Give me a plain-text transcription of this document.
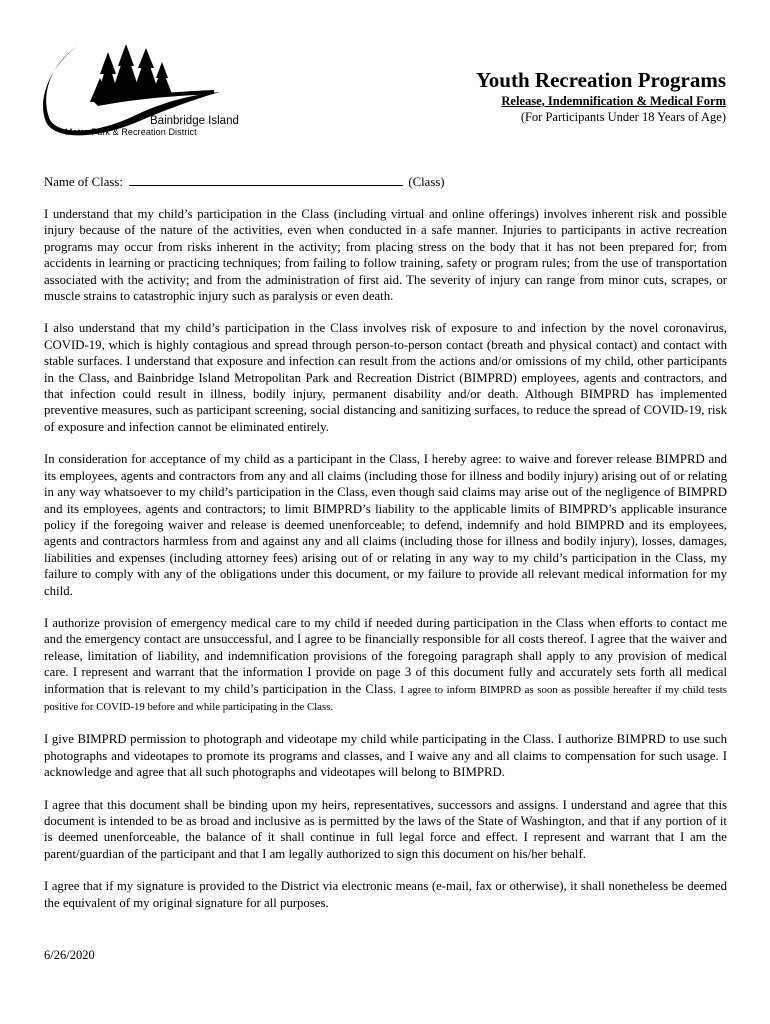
Bainbridge Island
Metro Park & Recreation District
Youth Recreation Programs
Release, Indemnification & Medical Form
(For Participants Under 18 Years of Age)
Name of Class:	(Class)

I understand that my child’s participation in the Class (including virtual and online offerings) involves inherent risk and possible injury because of the nature of the activities, even when conducted in a safe manner. Injuries to participants in active recreation programs may occur from risks inherent in the activity; from placing stress on the body that it has not been prepared for; from accidents in learning or practicing techniques; from failing to follow training, safety or program rules; from the use of transportation associated with the activity; and from the administration of first aid. The severity of injury can range from minor cuts, scrapes, or muscle strains to catastrophic injury such as paralysis or even death.

I also understand that my child’s participation in the Class involves risk of exposure to and infection by the novel coronavirus, COVID-19, which is highly contagious and spread through person-to-person contact (breath and physical contact) and contact with stable surfaces. I understand that exposure and infection can result from the actions and/or omissions of my child, other participants in the Class, and Bainbridge Island Metropolitan Park and Recreation District (BIMPRD) employees, agents and contractors, and that infection could result in illness, bodily injury, permanent disability and/or death. Although BIMPRD has implemented preventive measures, such as participant screening, social distancing and sanitizing surfaces, to reduce the spread of COVID-19, risk of exposure and infection cannot be eliminated entirely.

In consideration for acceptance of my child as a participant in the Class, I hereby agree: to waive and forever release BIMPRD and its employees, agents and contractors from any and all claims (including those for illness and bodily injury) arising out of or relating in any way whatsoever to my child’s participation in the Class, even though said claims may arise out of the negligence of BIMPRD and its employees, agents and contractors; to limit BIMPRD’s liability to the applicable limits of BIMPRD’s applicable insurance policy if the foregoing waiver and release is deemed unenforceable; to defend, indemnify and hold BIMPRD and its employees, agents and contractors harmless from and against any and all claims (including those for illness and bodily injury), losses, damages, liabilities and expenses (including attorney fees) arising out of or relating in any way to my child’s participation in the Class, my failure to comply with any of the obligations under this document, or my failure to provide all relevant medical information for my child.

I authorize provision of emergency medical care to my child if needed during participation in the Class when efforts to contact me and the emergency contact are unsuccessful, and I agree to be financially responsible for all costs thereof. I agree that the waiver and release, limitation of liability, and indemnification provisions of the foregoing paragraph shall apply to any provision of medical care. I represent and warrant that the information I provide on page 3 of this document fully and accurately sets forth all medical information that is relevant to my child’s participation in the Class. I agree to inform BIMPRD as soon as possible hereafter if my child tests positive for COVID-19 before and while participating in the Class.

I give BIMPRD permission to photograph and videotape my child while participating in the Class. I authorize BIMPRD to use such photographs and videotapes to promote its programs and classes, and I waive any and all claims to compensation for such usage. I acknowledge and agree that all such photographs and videotapes will belong to BIMPRD.

I agree that this document shall be binding upon my heirs, representatives, successors and assigns. I understand and agree that this document is intended to be as broad and inclusive as is permitted by the laws of the State of Washington, and that if any portion of it is deemed unenforceable, the balance of it shall continue in full legal force and effect. I represent and warrant that I am the parent/guardian of the participant and that I am legally authorized to sign this document on his/her behalf.

I agree that if my signature is provided to the District via electronic means (e-mail, fax or otherwise), it shall nonetheless be deemed the equivalent of my original signature for all purposes.

6/26/2020
